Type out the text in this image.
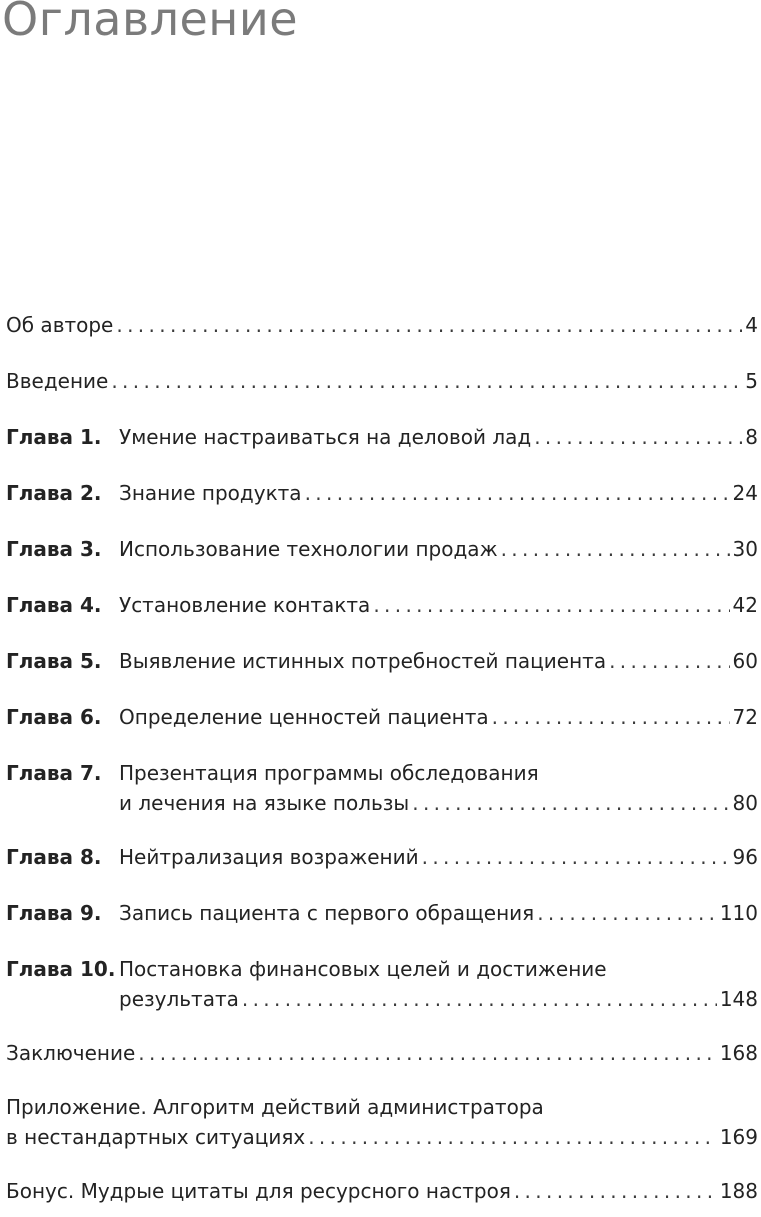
Оглавление
Об авторе . . .	4
Введение . . .	5
Глава 1. Умение настраиваться на деловой лад . . .	8
Глава 2. Знание продукта . . .	24
Глава 3. Использование технологии продаж . . .	30
Глава 4. Установление контакта . . .	42
Глава 5. Выявление истинных потребностей пациента . . .	60
Глава 6. Определение ценностей пациента . . .	72
Глава 7. Презентация программы обследования
и лечения на языке пользы . . .	80
Глава 8. Нейтрализация возражений . . .	96
Глава 9. Запись пациента с первого обращения . . .	110
Глава 10. Постановка финансовых целей и достижение
результата . . .	148
Заключение . . .	168
Приложение. Алгоритм действий администратора
в нестандартных ситуациях . . .	169
Бонус. Мудрые цитаты для ресурсного настроя . . .	188
